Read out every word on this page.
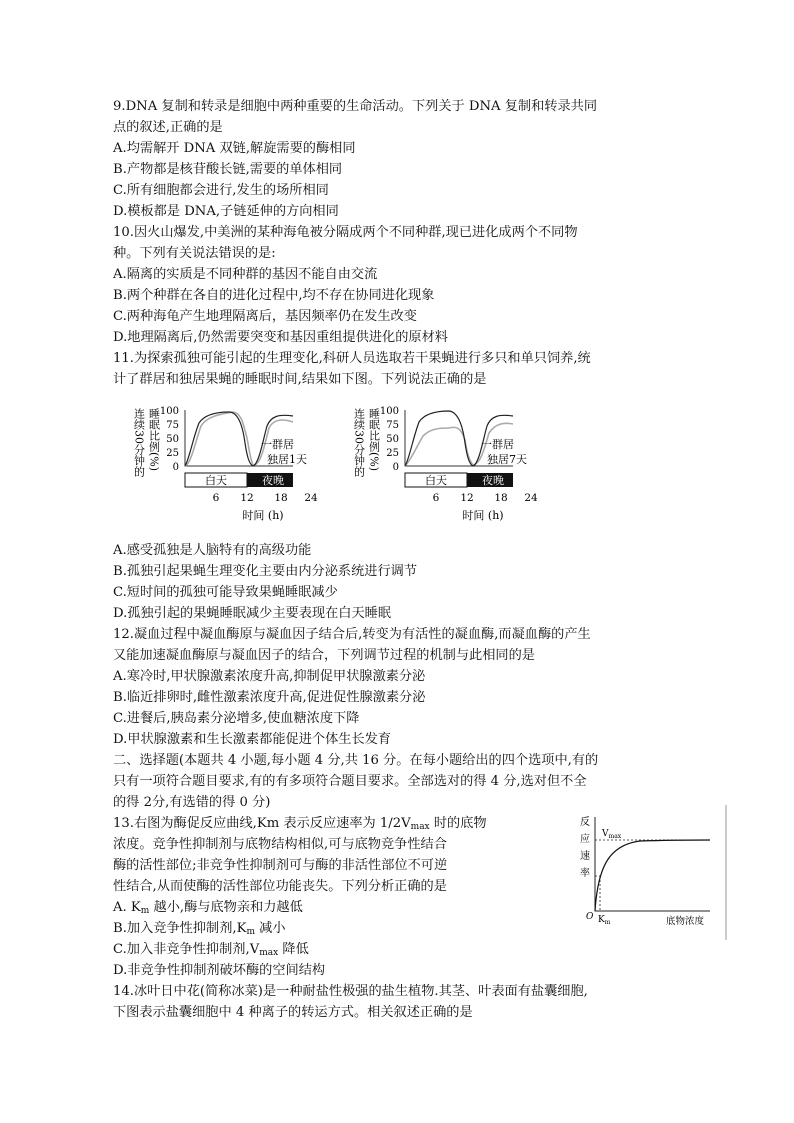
9.DNA 复制和转录是细胞中两种重要的生命活动。下列关于 DNA 复制和转录共同
点的叙述,正确的是
A.均需解开 DNA 双链,解旋需要的酶相同
B.产物都是核苷酸长链,需要的单体相同
C.所有细胞都会进行,发生的场所相同
D.模板都是 DNA,子链延伸的方向相同
10.因火山爆发,中美洲的某种海龟被分隔成两个不同种群,现已进化成两个不同物
种。下列有关说法错误的是:
A.隔离的实质是不同种群的基因不能自由交流
B.两个种群在各自的进化过程中,均不存在协同进化现象
C.两种海龟产生地理隔离后，基因频率仍在发生改变
D.地理隔离后,仍然需要突变和基因重组提供进化的原材料
11.为探索孤独可能引起的生理变化,科研人员选取若干果蝇进行多只和单只饲养,统
计了群居和独居果蝇的睡眠时间,结果如下图。下列说法正确的是
A.感受孤独是人脑特有的高级功能
B.孤独引起果蝇生理变化主要由内分泌系统进行调节
C.短时间的孤独可能导致果蝇睡眠减少
D.孤独引起的果蝇睡眠减少主要表现在白天睡眠
12.凝血过程中凝血酶原与凝血因子结合后,转变为有活性的凝血酶,而凝血酶的产生
又能加速凝血酶原与凝血因子的结合，下列调节过程的机制与此相同的是
A.寒冷时,甲状腺激素浓度升高,抑制促甲状腺激素分泌
B.临近排卵时,雌性激素浓度升高,促进促性腺激素分泌
C.进餐后,胰岛素分泌增多,使血糖浓度下降
D.甲状腺激素和生长激素都能促进个体生长发育
二、选择题(本题共 4 小题,每小题 4 分,共 16 分。在每小题给出的四个选项中,有的
只有一项符合题目要求,有的有多项符合题目要求。全部选对的得 4 分,选对但不全
的得 2分,有选错的得 0 分)
13.右图为酶促反应曲线,Km 表示反应速率为 $1/2V_{max}$ 时的底物
浓度。竞争性抑制剂与底物结构相似,可与底物竞争性结合
酶的活性部位;非竞争性抑制剂可与酶的非活性部位不可逆
性结合,从而使酶的活性部位功能丧失。下列分析正确的是
A. $K_m$ 越小,酶与底物亲和力越低
B.加入竞争性抑制剂$,K_m$ 减小
C.加入非竞争性抑制剂$,V_{max}$ 降低
D.非竞争性抑制剂破坏酶的空间结构
14.冰叶日中花(简称冰菜)是一种耐盐性极强的盐生植物.其茎、叶表面有盐囊细胞,
下图表示盐囊细胞中 4 种离子的转运方式。相关叙述正确的是
连续30分钟的 睡眠比例(%) 100
75
50
25
0
一群居
独居1天
白天	夜晚
6 12 18 24
时间 (h)
连续30分钟的 睡眠比例(%) 100
75
50
25
0
一群居
独居7天
白天	夜晚
6 12 18 24
时间 (h)
反
应
速
率
$V_{max}$
O $K_m$	底物浓度
